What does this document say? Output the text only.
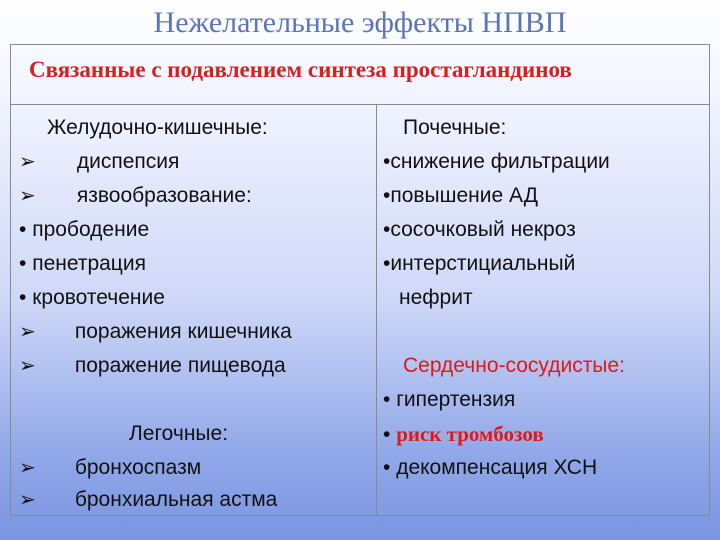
Нежелательные эффекты НПВП
Связанные с подавлением синтеза простагландинов
Желудочно-кишечные:
➢ диспепсия
➢ язвообразование:
• прободение
• пенетрация
• кровотечение
➢ поражения кишечника
➢ поражение пищевода
Легочные:
➢ бронхоспазм
➢ бронхиальная астма
Почечные:
•снижение фильтрации
•повышение АД
•сосочковый некроз
•интерстициальный
нефрит
Сердечно-сосудистые:
• гипертензия
• риск тромбозов
• декомпенсация ХСН
